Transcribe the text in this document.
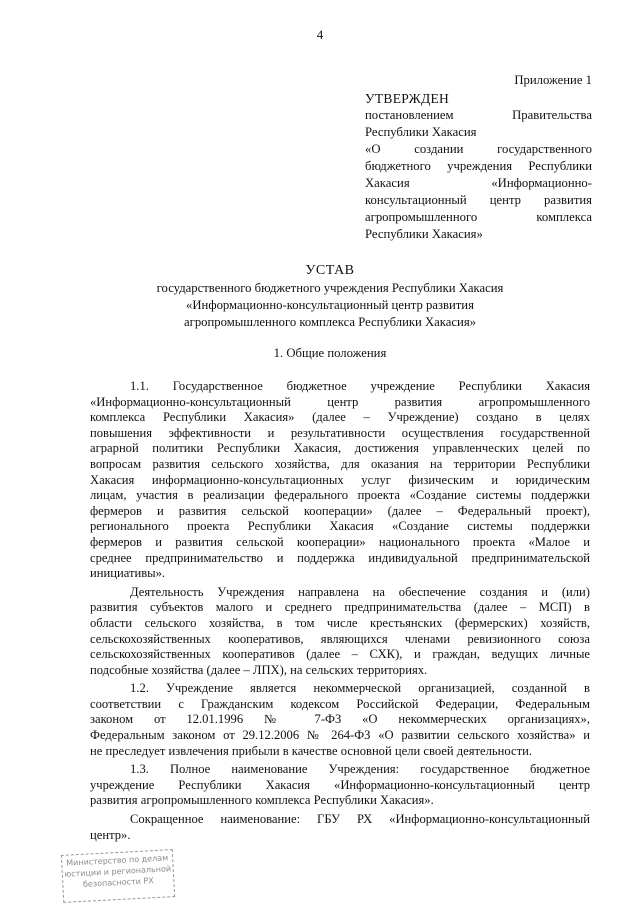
4
Приложение 1
УТВЕРЖДЕН
постановлением Правительства
Республики Хакасия
«О создании государственного
бюджетного учреждения Республики
Хакасия «Информационно-
консультационный центр развития
агропромышленного комплекса
Республики Хакасия»
УСТАВ
государственного бюджетного учреждения Республики Хакасия
«Информационно-консультационный центр развития
агропромышленного комплекса Республики Хакасия»
1. Общие положения
1.1. Государственное бюджетное учреждение Республики Хакасия
«Информационно-консультационный центр развития агропромышленного
комплекса Республики Хакасия» (далее – Учреждение) создано в целях
повышения эффективности и результативности осуществления государственной
аграрной политики Республики Хакасия, достижения управленческих целей по
вопросам развития сельского хозяйства, для оказания на территории Республики
Хакасия информационно-консультационных услуг физическим и юридическим
лицам, участия в реализации федерального проекта «Создание системы поддержки
фермеров и развития сельской кооперации» (далее – Федеральный проект),
регионального проекта Республики Хакасия «Создание системы поддержки
фермеров и развития сельской кооперации» национального проекта «Малое и
среднее предпринимательство и поддержка индивидуальной предпринимательской
инициативы».
Деятельность Учреждения направлена на обеспечение создания и (или)
развития субъектов малого и среднего предпринимательства (далее – МСП) в
области сельского хозяйства, в том числе крестьянских (фермерских) хозяйств,
сельскохозяйственных кооперативов, являющихся членами ревизионного союза
сельскохозяйственных кооперативов (далее – СХК), и граждан, ведущих личные
подсобные хозяйства (далее – ЛПХ), на сельских территориях.
1.2. Учреждение является некоммерческой организацией, созданной в
соответствии с Гражданским кодексом Российской Федерации, Федеральным
законом от 12.01.1996 № 7-ФЗ «О некоммерческих организациях»,
Федеральным законом от 29.12.2006 № 264-ФЗ «О развитии сельского хозяйства» и
не преследует извлечения прибыли в качестве основной цели своей деятельности.
1.3. Полное наименование Учреждения: государственное бюджетное
учреждение Республики Хакасия «Информационно-консультационный центр
развития агропромышленного комплекса Республики Хакасия».
Сокращенное наименование: ГБУ РХ «Информационно-консультационный
центр».
Министерство по делам
юстиции и региональной
безопасности РХ
